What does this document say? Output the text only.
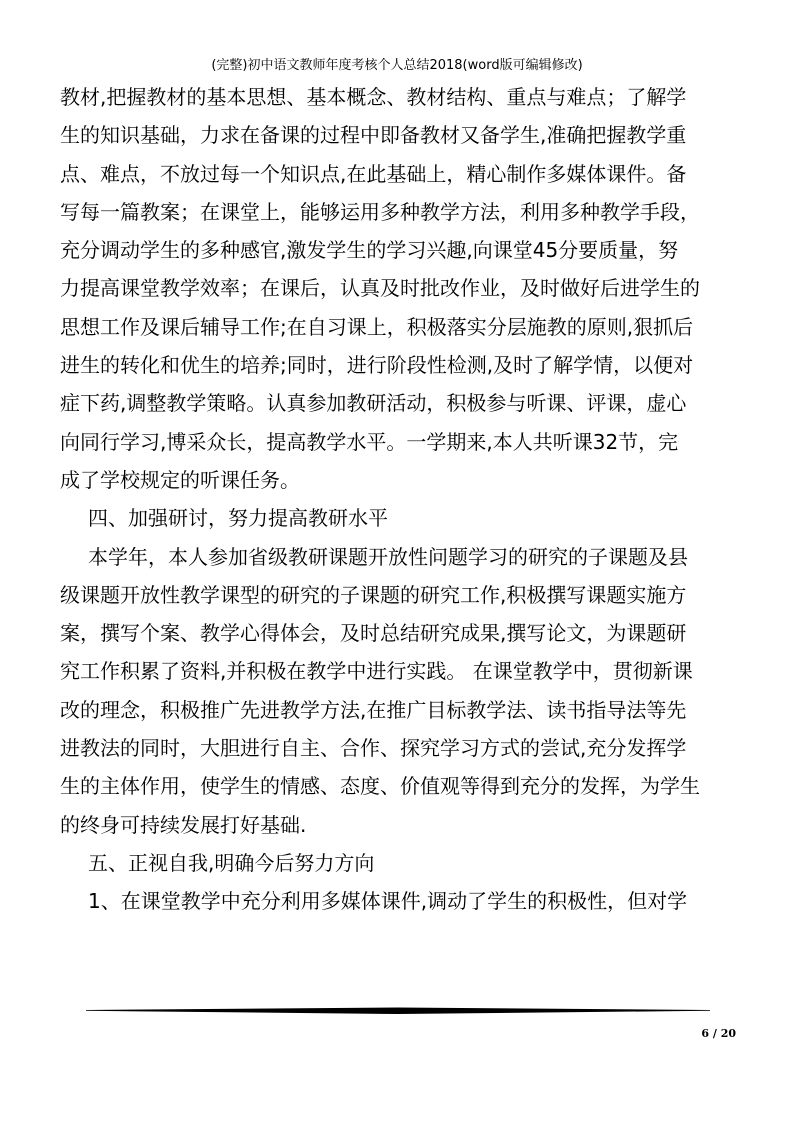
(完整)初中语文教师年度考核个人总结2018(word版可编辑修改)
教材,把握教材的基本思想、基本概念、教材结构、重点与难点；了解学
生的知识基础，力求在备课的过程中即备教材又备学生,准确把握教学重
点、难点，不放过每一个知识点,在此基础上，精心制作多媒体课件。备
写每一篇教案；在课堂上，能够运用多种教学方法，利用多种教学手段，
充分调动学生的多种感官,激发学生的学习兴趣,向课堂45分要质量，努
力提高课堂教学效率；在课后，认真及时批改作业，及时做好后进学生的
思想工作及课后辅导工作;在自习课上，积极落实分层施教的原则,狠抓后
进生的转化和优生的培养;同时，进行阶段性检测,及时了解学情，以便对
症下药,调整教学策略。认真参加教研活动，积极参与听课、评课，虚心
向同行学习,博采众长，提高教学水平。一学期来,本人共听课32节，完
成了学校规定的听课任务。
四、加强研讨，努力提高教研水平
本学年，本人参加省级教研课题开放性问题学习的研究的子课题及县
级课题开放性教学课型的研究的子课题的研究工作,积极撰写课题实施方
案，撰写个案、教学心得体会，及时总结研究成果,撰写论文，为课题研
究工作积累了资料,并积极在教学中进行实践。 在课堂教学中，贯彻新课
改的理念，积极推广先进教学方法,在推广目标教学法、读书指导法等先
进教法的同时，大胆进行自主、合作、探究学习方式的尝试,充分发挥学
生的主体作用，使学生的情感、态度、价值观等得到充分的发挥，为学生
的终身可持续发展打好基础.
五、正视自我,明确今后努力方向
1、在课堂教学中充分利用多媒体课件,调动了学生的积极性，但对学
6 / 20
